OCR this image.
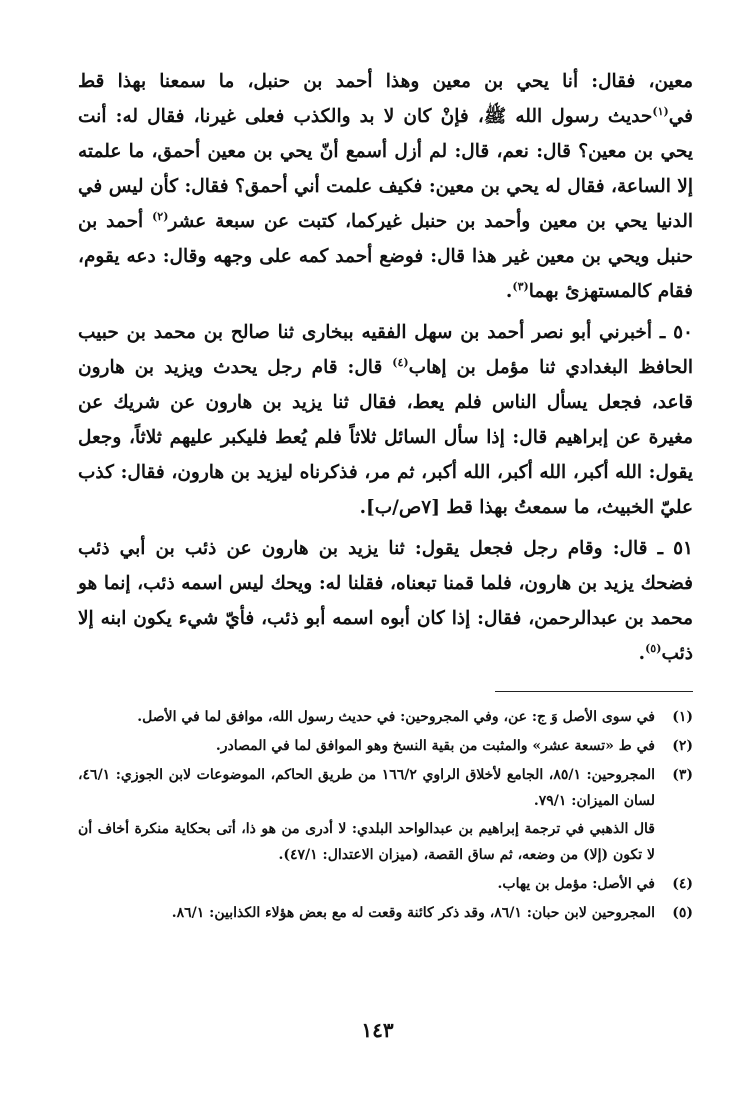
معين، فقال: أنا يحي بن معين وهذا أحمد بن حنبل، ما سمعنا بهذا قط في$^{(١)}$حديث رسول الله ﷺ، فإنْ كان لا بد والكذب فعلى غيرنا، فقال له: أنت يحي بن معين؟ قال: نعم، قال: لم أزل أسمع أنّ يحي بن معين أحمق، ما علمته إلا الساعة، فقال له يحي بن معين: فكيف علمت أني أحمق؟ فقال: كأن ليس في الدنيا يحي بن معين وأحمد بن حنبل غيركما، كتبت عن سبعة عشر$^{(٢)}$ أحمد بن حنبل ويحي بن معين غير هذا قال: فوضع أحمد كمه على وجهه وقال: دعه يقوم، فقام كالمستهزئ بهما$^{(٣)}$.

٥٠ ـ أخبرني أبو نصر أحمد بن سهل الفقيه ببخارى ثنا صالح بن محمد بن حبيب الحافظ البغدادي ثنا مؤمل بن إهاب$^{(٤)}$ قال: قام رجل يحدث ويزيد بن هارون قاعد، فجعل يسأل الناس فلم يعط، فقال ثنا يزيد بن هارون عن شريك عن مغيرة عن إبراهيم قال: إذا سأل السائل ثلاثاً فلم يُعط فليكبر عليهم ثلاثاً، وجعل يقول: الله أكبر، الله أكبر، الله أكبر، ثم مر، فذكرناه ليزيد بن هارون، فقال: كذب عليّ الخبيث، ما سمعتُ بهذا قط [٧ص/ب].

٥١ ـ قال: وقام رجل فجعل يقول: ثنا يزيد بن هارون عن ذئب بن أبي ذئب فضحك يزيد بن هارون، فلما قمنا تبعناه، فقلنا له: ويحك ليس اسمه ذئب، إنما هو محمد بن عبدالرحمن، فقال: إذا كان أبوه اسمه أبو ذئب، فأيّ شيء يكون ابنه إلا ذئب$^{(٥)}$.

(١)
في سوى الأصل وَ ج: عن، وفي المجروحين: في حديث رسول الله، موافق لما في الأصل.
(٢)
في ط «تسعة عشر» والمثبت من بقية النسخ وهو الموافق لما في المصادر.
(٣)
المجروحين: ٨٥/١، الجامع لأخلاق الراوي ١٦٦/٢ من طريق الحاكم، الموضوعات لابن الجوزي: ٤٦/١، لسان الميزان: ٧٩/١.
قال الذهبي في ترجمة إبراهيم بن عبدالواحد البلدي: لا أدرى من هو ذا، أتى بحكاية منكرة أخاف أن لا تكون (إلا) من وضعه، ثم ساق القصة، (ميزان الاعتدال: ٤٧/١).
(٤)
في الأصل: مؤمل بن يهاب.
(٥)
المجروحين لابن حبان: ٨٦/١، وقد ذكر كائنة وقعت له مع بعض هؤلاء الكذابين: ٨٦/١.
١٤٣
